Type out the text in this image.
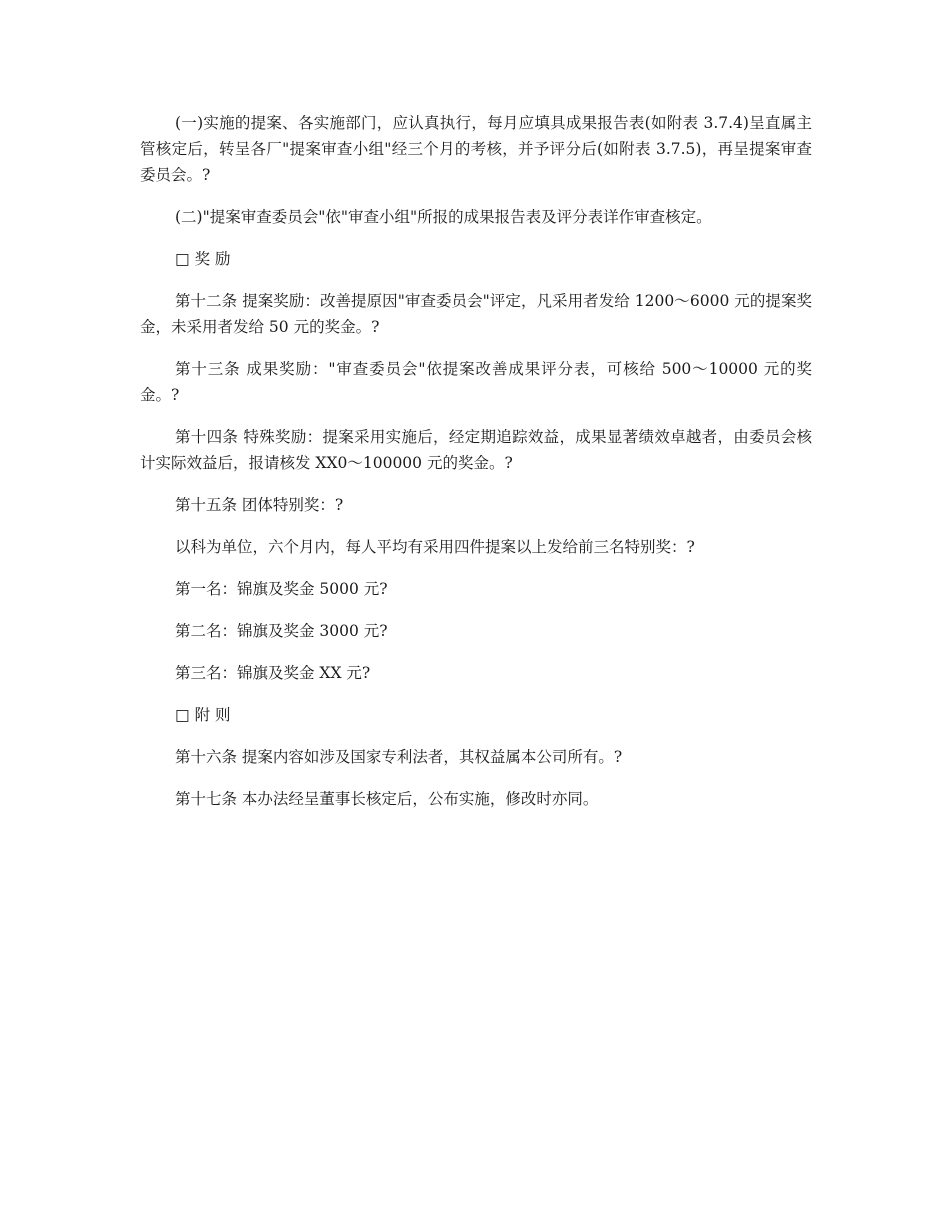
(一)实施的提案、各实施部门，应认真执行，每月应填具成果报告表(如附表 3.7.4)呈直属主管核定后，转呈各厂"提案审查小组"经三个月的考核，并予评分后(如附表 3.7.5)，再呈提案审查委员会。?

(二)"提案审查委员会"依"审查小组"所报的成果报告表及评分表详作审查核定。

□ 奖 励

第十二条 提案奖励：改善提原因"审查委员会"评定，凡采用者发给 1200～6000 元的提案奖金，未采用者发给 50 元的奖金。?

第十三条 成果奖励："审查委员会"依提案改善成果评分表，可核给 500～10000 元的奖金。?

第十四条 特殊奖励：提案采用实施后，经定期追踪效益，成果显著绩效卓越者，由委员会核计实际效益后，报请核发 XX0～100000 元的奖金。?

第十五条 团体特别奖：?

以科为单位，六个月内，每人平均有采用四件提案以上发给前三名特别奖：?

第一名：锦旗及奖金 5000 元?

第二名：锦旗及奖金 3000 元?

第三名：锦旗及奖金 XX 元?

□ 附 则

第十六条 提案内容如涉及国家专利法者，其权益属本公司所有。?

第十七条 本办法经呈董事长核定后，公布实施，修改时亦同。
